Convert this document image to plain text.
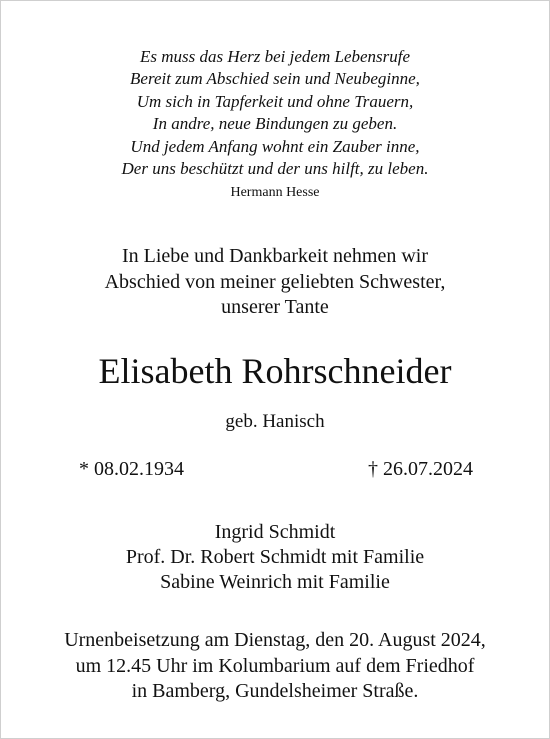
Es muss das Herz bei jedem Lebensrufe
Bereit zum Abschied sein und Neubeginne,
Um sich in Tapferkeit und ohne Trauern,
In andre, neue Bindungen zu geben.
Und jedem Anfang wohnt ein Zauber inne,
Der uns beschützt und der uns hilft, zu leben.
Hermann Hesse
In Liebe und Dankbarkeit nehmen wir
Abschied von meiner geliebten Schwester,
unserer Tante
Elisabeth Rohrschneider
geb. Hanisch
* 08.02.1934	† 26.07.2024
Ingrid Schmidt
Prof. Dr. Robert Schmidt mit Familie
Sabine Weinrich mit Familie
Urnenbeisetzung am Dienstag, den 20. August 2024,
um 12.45 Uhr im Kolumbarium auf dem Friedhof
in Bamberg, Gundelsheimer Straße.
